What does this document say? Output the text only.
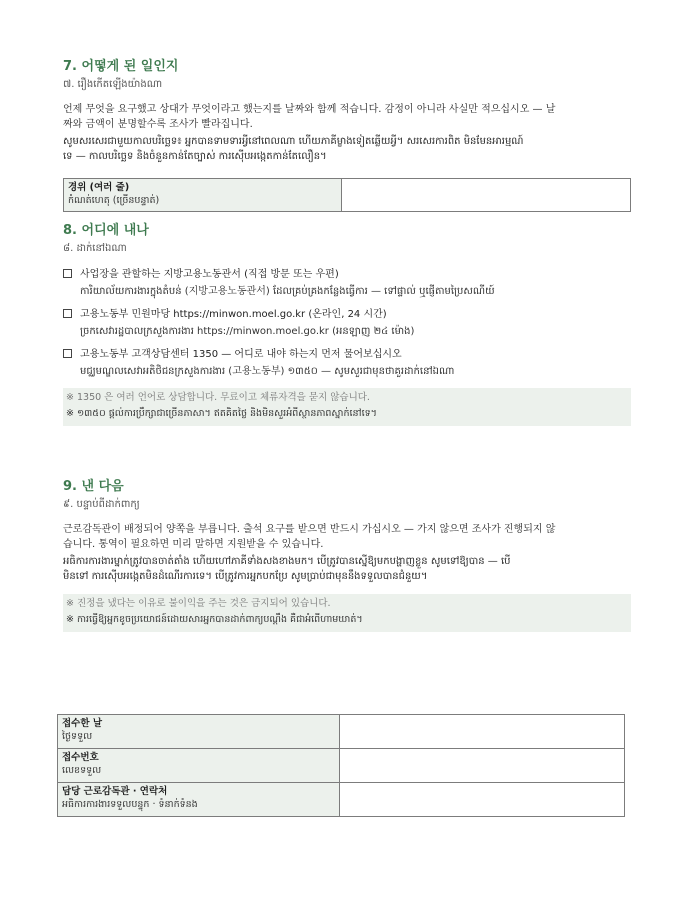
7. 어떻게 된 일인지
៧. រឿងកើតឡើងយ៉ាងណា
언제 무엇을 요구했고 상대가 무엇이라고 했는지를 날짜와 함께 적습니다. 감정이 아니라 사실만 적으십시오 — 날
짜와 금액이 분명할수록 조사가 빨라집니다.
សូមសរសេរជាមួយកាលបរិច្ឆេទ៖ អ្នកបានទាមទារអ្វីនៅពេលណា ហើយភាគីម្ខាងទៀតឆ្លើយអ្វី។ សរសេរការពិត មិនមែនអារម្មណ៍
ទេ — កាលបរិច្ឆេទ និងចំនួនកាន់តែច្បាស់ ការស៊ើបអង្កេតកាន់តែលឿន។
경위 (여러 줄)
កំណត់ហេតុ (ច្រើនបន្ទាត់)

8. 어디에 내나
៨. ដាក់នៅឯណា
사업장을 관할하는 지방고용노동관서 (직접 방문 또는 우편)
ការិយាល័យការងារក្នុងតំបន់ (지방고용노동관서) ដែលគ្រប់គ្រងកន្លែងធ្វើការ — ទៅផ្ទាល់ ឬផ្ញើតាមប្រៃសណីយ៍
고용노동부 민원마당 https://minwon.moel.go.kr (온라인, 24 시간)
ច្រកសេវារដ្ឋបាលក្រសួងការងារ https://minwon.moel.go.kr (អនឡាញ ២៤ ម៉ោង)
고용노동부 고객상담센터 1350 — 어디로 내야 하는지 먼저 물어보십시오
មជ្ឈមណ្ឌលសេវាអតិថិជនក្រសួងការងារ (고용노동부) ១៣៥០ — សូមសួរជាមុនថាគួរដាក់នៅឯណា
※ 1350 은 여러 언어로 상담합니다. 무료이고 체류자격을 묻지 않습니다.
※ ១៣៥០ ផ្តល់ការប្រឹក្សាជាច្រើនភាសា។ ឥតគិតថ្លៃ និងមិនសួរអំពីស្ថានភាពស្នាក់នៅទេ។
9. 낸 다음
៩. បន្ទាប់ពីដាក់ពាក្យ
근로감독관이 배정되어 양쪽을 부릅니다. 출석 요구를 받으면 반드시 가십시오 — 가지 않으면 조사가 진행되지 않
습니다. 통역이 필요하면 미리 말하면 지원받을 수 있습니다.
អធិការការងារម្នាក់ត្រូវបានចាត់តាំង ហើយហៅភាគីទាំងសងខាងមក។ បើត្រូវបានស្នើឱ្យមកបង្ហាញខ្លួន សូមទៅឱ្យបាន — បើ
មិនទៅ ការស៊ើបអង្កេតមិនដំណើរការទេ។ បើត្រូវការអ្នកបកប្រែ សូមប្រាប់ជាមុននឹងទទួលបានជំនួយ។
※ 진정을 냈다는 이유로 불이익을 주는 것은 금지되어 있습니다.
※ ការធ្វើឱ្យអ្នកខូចប្រយោជន៍ដោយសារអ្នកបានដាក់ពាក្យបណ្តឹង គឺជាអំពើហាមឃាត់។
접수한 날
ថ្ងៃទទួល	

접수번호
លេខទទួល	

담당 근로감독관 · 연락처
អធិការការងារទទួលបន្ទុក · ទំនាក់ទំនង	
